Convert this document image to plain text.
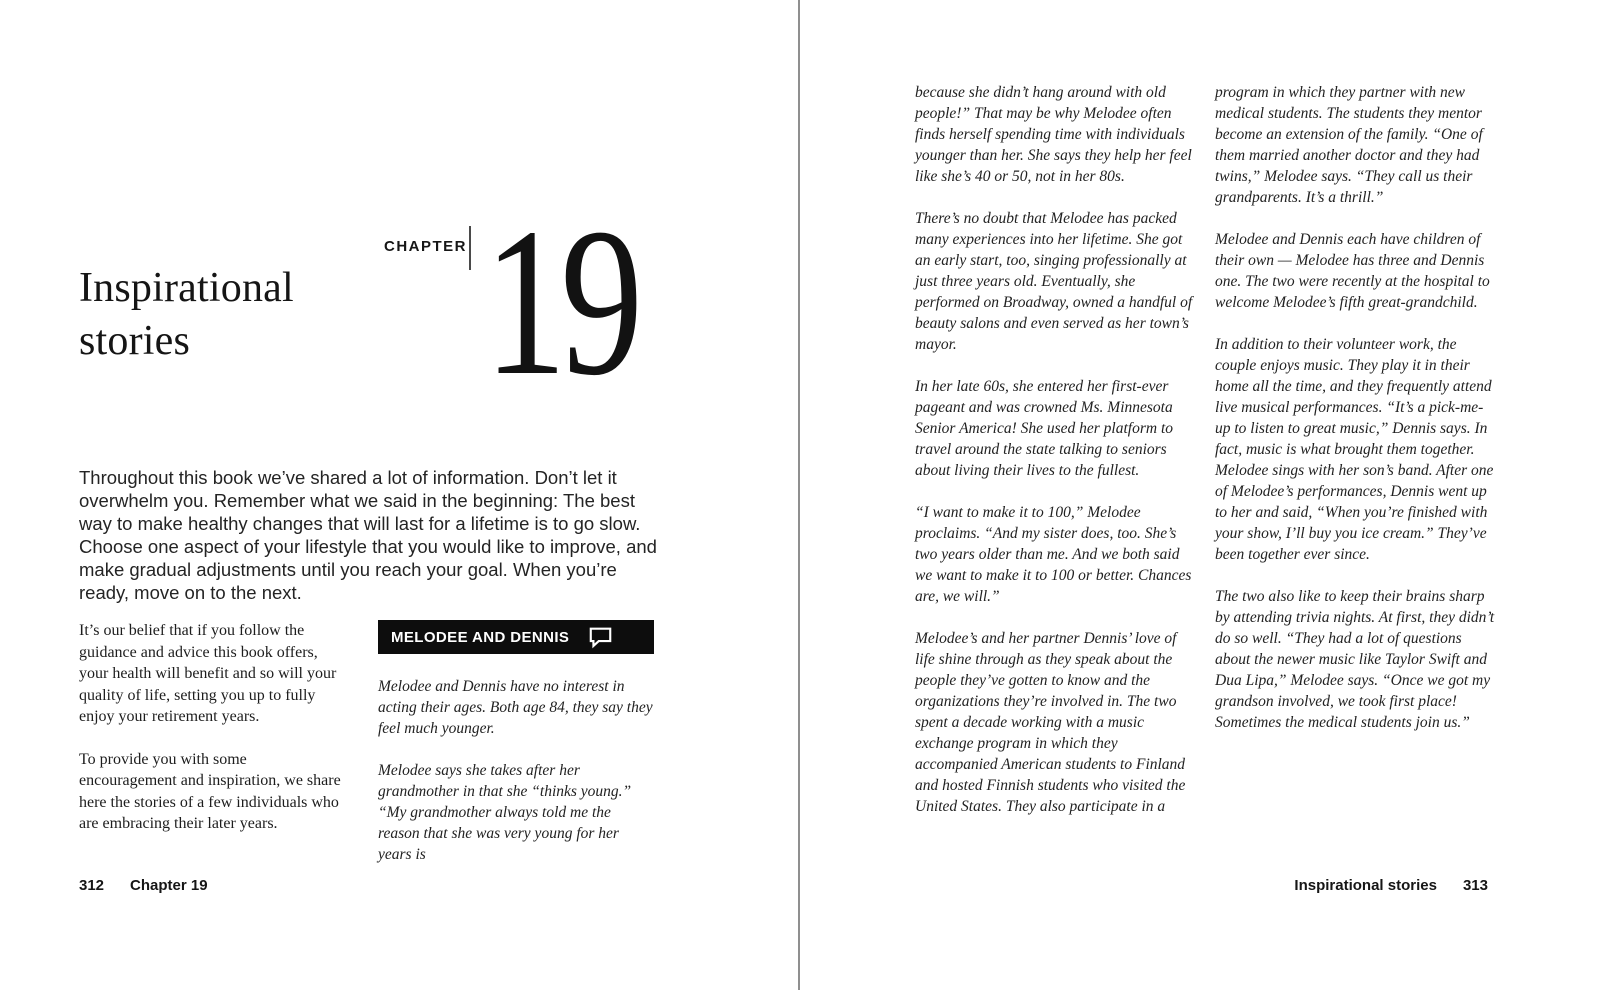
CHAPTER 19
Inspirational stories
Throughout this book we’ve shared a lot of information. Don’t let it overwhelm you. Remember what we said in the beginning: The best way to make healthy changes that will last for a lifetime is to go slow. Choose one aspect of your lifestyle that you would like to improve, and make gradual adjustments until you reach your goal. When you’re ready, move on to the next.

It’s our belief that if you follow the guidance and advice this book offers, your health will benefit and so will your quality of life, setting you up to fully enjoy your retirement years.

To provide you with some encouragement and inspiration, we share here the stories of a few individuals who are embracing their later years.

MELODEE AND DENNIS

Melodee and Dennis have no interest in acting their ages. Both age 84, they say they feel much younger.

Melodee says she takes after her grandmother in that she “thinks young.” “My grandmother always told me the reason that she was very young for her years is

312 Chapter 19

because she didn’t hang around with old people!” That may be why Melodee often finds herself spending time with individuals younger than her. She says they help her feel like she’s 40 or 50, not in her 80s.

There’s no doubt that Melodee has packed many experiences into her lifetime. She got an early start, too, singing professionally at just three years old. Eventually, she performed on Broadway, owned a handful of beauty salons and even served as her town’s mayor.

In her late 60s, she entered her first-ever pageant and was crowned Ms. Minnesota Senior America! She used her platform to travel around the state talking to seniors about living their lives to the fullest.

“I want to make it to 100,” Melodee proclaims. “And my sister does, too. She’s two years older than me. And we both said we want to make it to 100 or better. Chances are, we will.”

Melodee’s and her partner Dennis’ love of life shine through as they speak about the people they’ve gotten to know and the organizations they’re involved in. The two spent a decade working with a music exchange program in which they accompanied American students to Finland and hosted Finnish students who visited the United States. They also participate in a

program in which they partner with new medical students. The students they mentor become an extension of the family. “One of them married another doctor and they had twins,” Melodee says. “They call us their grandparents. It’s a thrill.”

Melodee and Dennis each have children of their own — Melodee has three and Dennis one. The two were recently at the hospital to welcome Melodee’s fifth great-grandchild.

In addition to their volunteer work, the couple enjoys music. They play it in their home all the time, and they frequently attend live musical performances. “It’s a pick-me-up to listen to great music,” Dennis says. In fact, music is what brought them together. Melodee sings with her son’s band. After one of Melodee’s performances, Dennis went up to her and said, “When you’re finished with your show, I’ll buy you ice cream.” They’ve been together ever since.

The two also like to keep their brains sharp by attending trivia nights. At first, they didn’t do so well. “They had a lot of questions about the newer music like Taylor Swift and Dua Lipa,” Melodee says. “Once we got my grandson involved, we took first place! Sometimes the medical students join us.”

Inspirational stories 313
